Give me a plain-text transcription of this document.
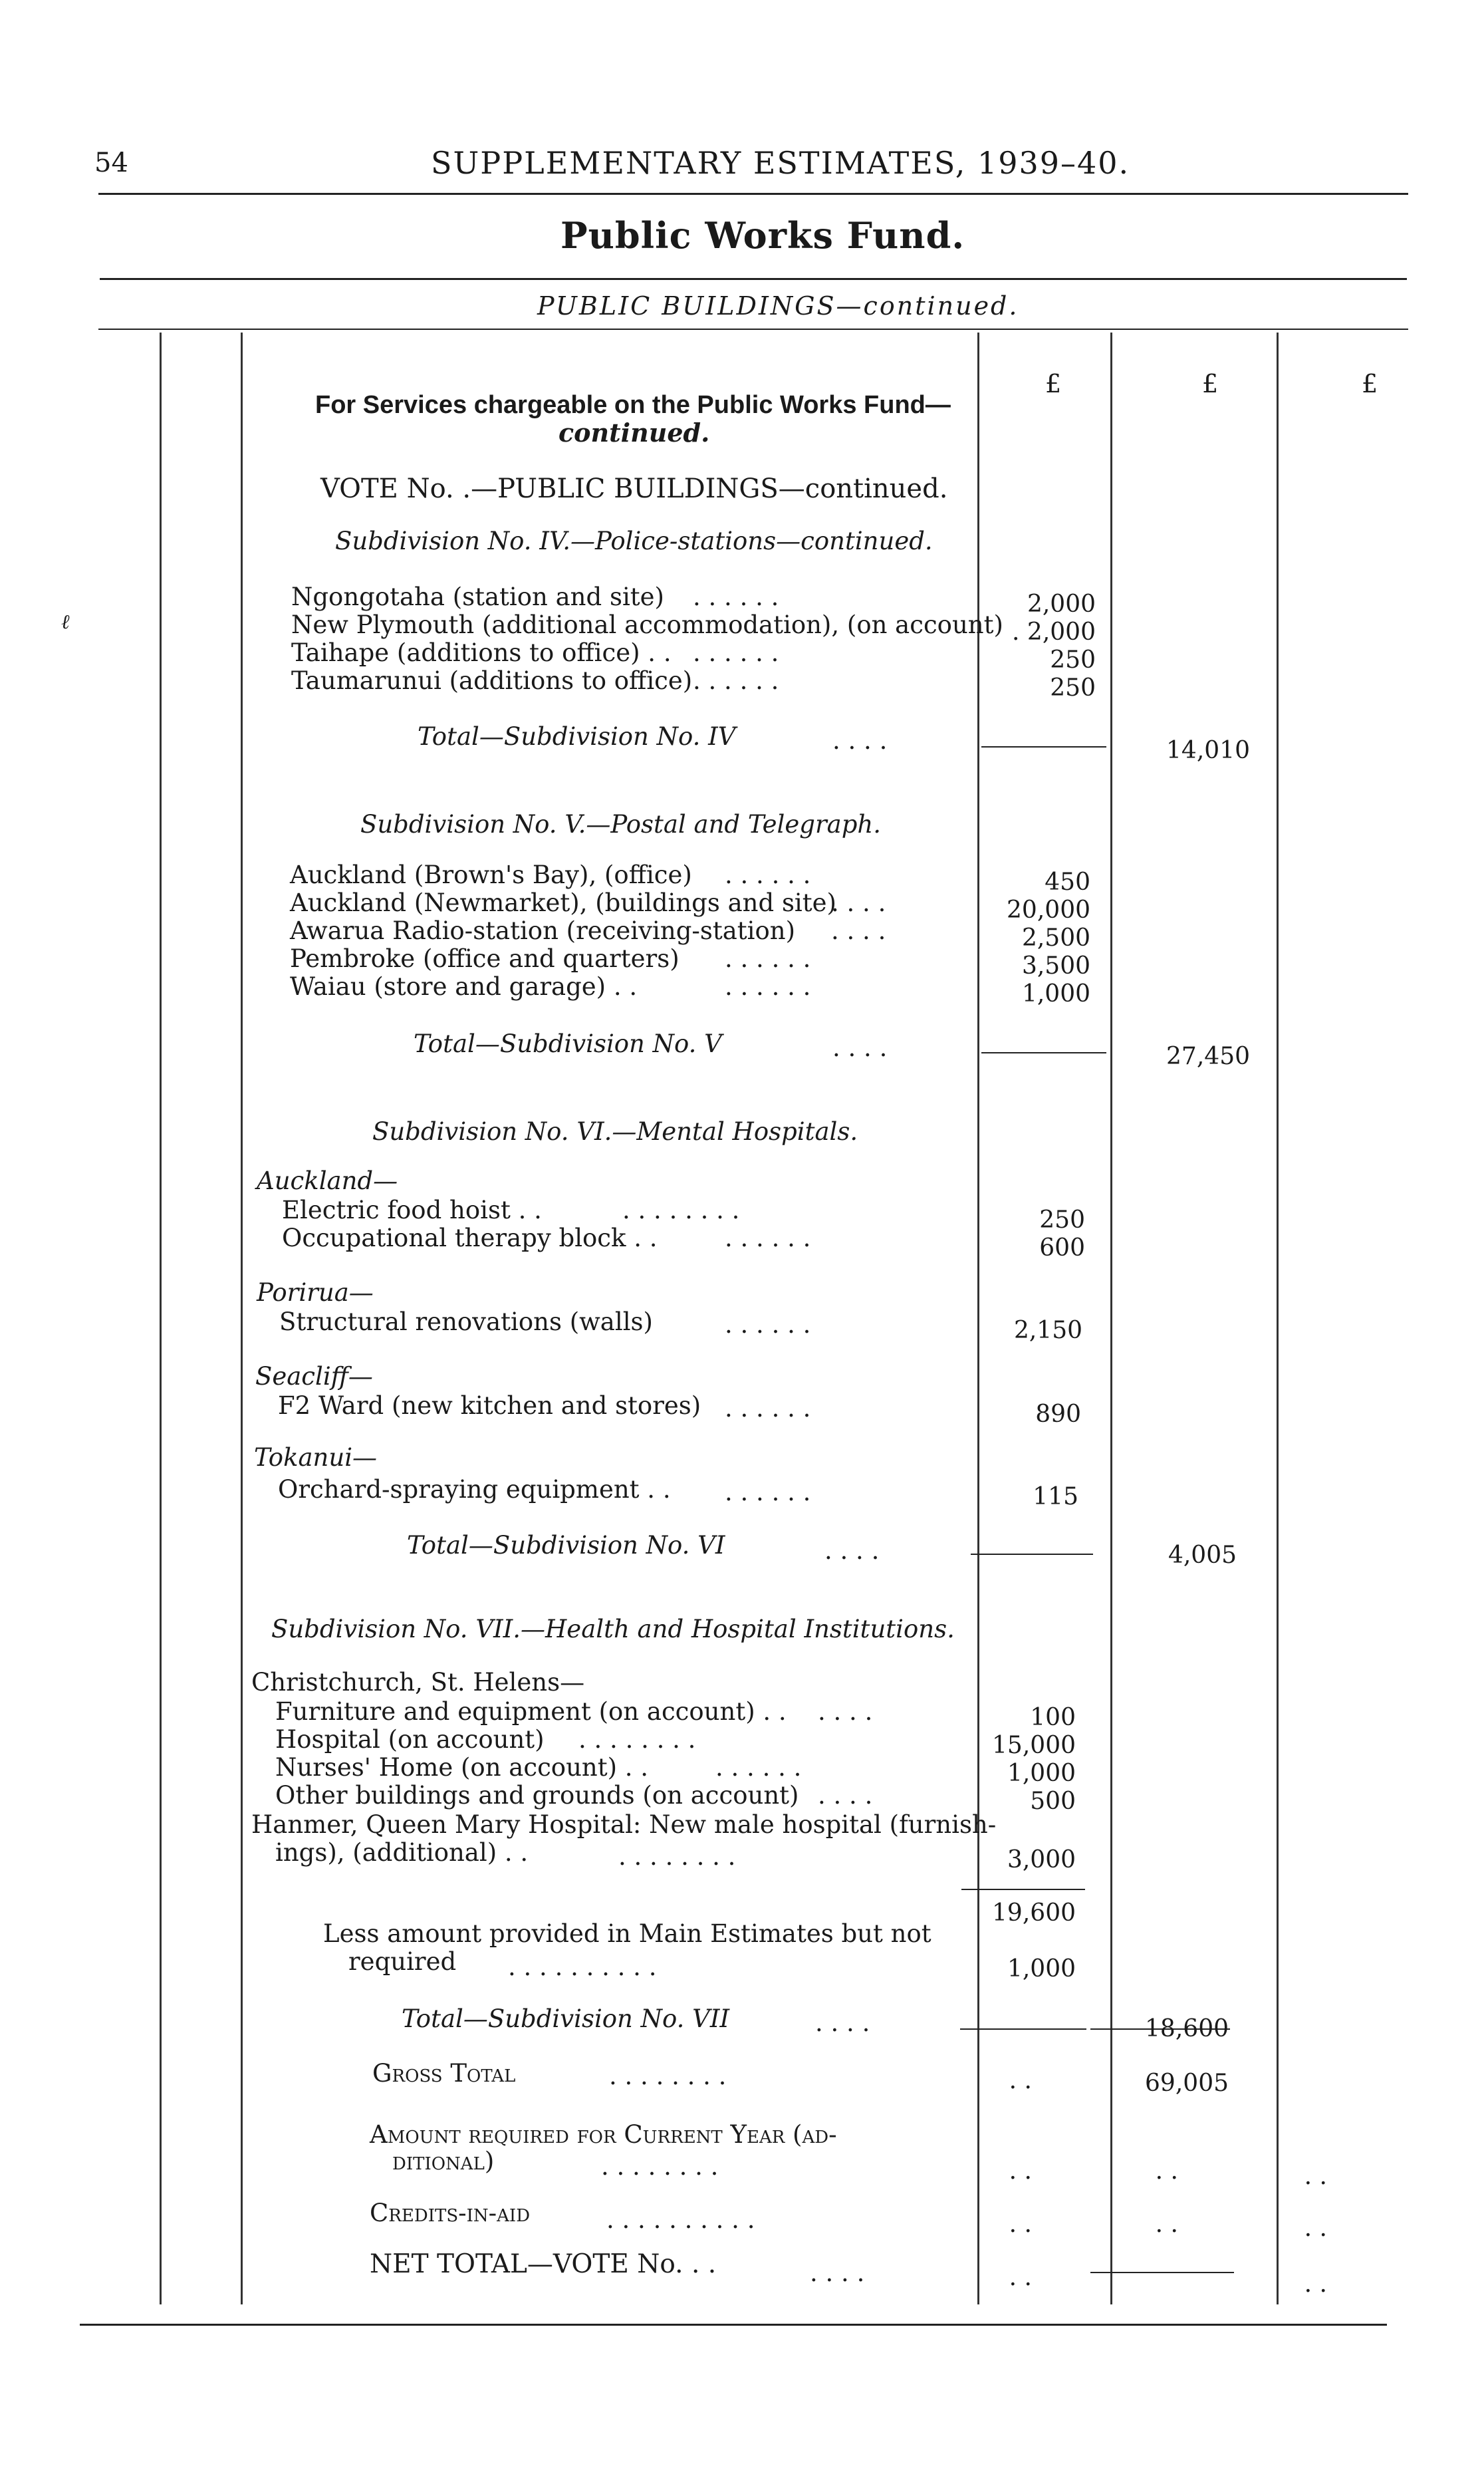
54	SUPPLEMENTARY ESTIMATES, 1939–40.
Public Works Fund.
PUBLIC BUILDINGS—continued.
£	£	£
ℓ
For Services chargeable on the Public Works Fund—
continued.
VOTE No. .—PUBLIC BUILDINGS—continued.
Subdivision No. IV.—Police-stations—continued.
Ngongotaha (station and site) . . . . . .	2,000
New Plymouth (additional accommodation), (on account) . 2,000
Taihape (additions to office) . . . . . . . .	250
Taumarunui (additions to office) . . . . . .	250
Total—Subdivision No. IV	. . . .	14,010
Subdivision No. V.—Postal and Telegraph.
Auckland (Brown's Bay), (office) . . . . . .	450
Auckland (Newmarket), (buildings and site)
. . . .	20,000
Awarua Radio-station (receiving-station) . . . .	2,500
Pembroke (office and quarters) . . . . . .	3,500
Waiau (store and garage) . .	. . . . . .	1,000
Total—Subdivision No. V	. . . .	27,450
Subdivision No. VI.—Mental Hospitals.
Auckland—
Electric food hoist . .	. . . . . . . .	250
Occupational therapy block . .	. . . . . .	600
Porirua—
Structural renovations (walls)	. . . . . .	2,150
Seacliff—
F2 Ward (new kitchen and stores) . . . . . .	890
Tokanui—
Orchard-spraying equipment . . . . . . . .	115
Total—Subdivision No. VI	. . . .	4,005
Subdivision No. VII.—Health and Hospital Institutions.
Christchurch, St. Helens—
Furniture and equipment (on account) . . . . . .	100
Hospital (on account) . . . . . . . .	15,000
Nurses' Home (on account) . .	. . . . . .	1,000
Other buildings and grounds (on account) . . . .	500
Hanmer, Queen Mary Hospital: New male hospital (furnish-
ings), (additional) . .	. . . . . . . .	3,000
19,600
Less amount provided in Main Estimates but not
required . . . . . . . . . .	1,000
Total—Subdivision No. VII	. . . .	18,600
Gross Total	. . . . . . . .	. .	69,005
Amount required for Current Year (ad-
ditional)	. . . . . . . .	. .	. .	. .
Credits-in-aid	. . . . . . . . . .	. .	. .	. .
NET TOTAL—VOTE No. . .	. . . .	. .	. .
